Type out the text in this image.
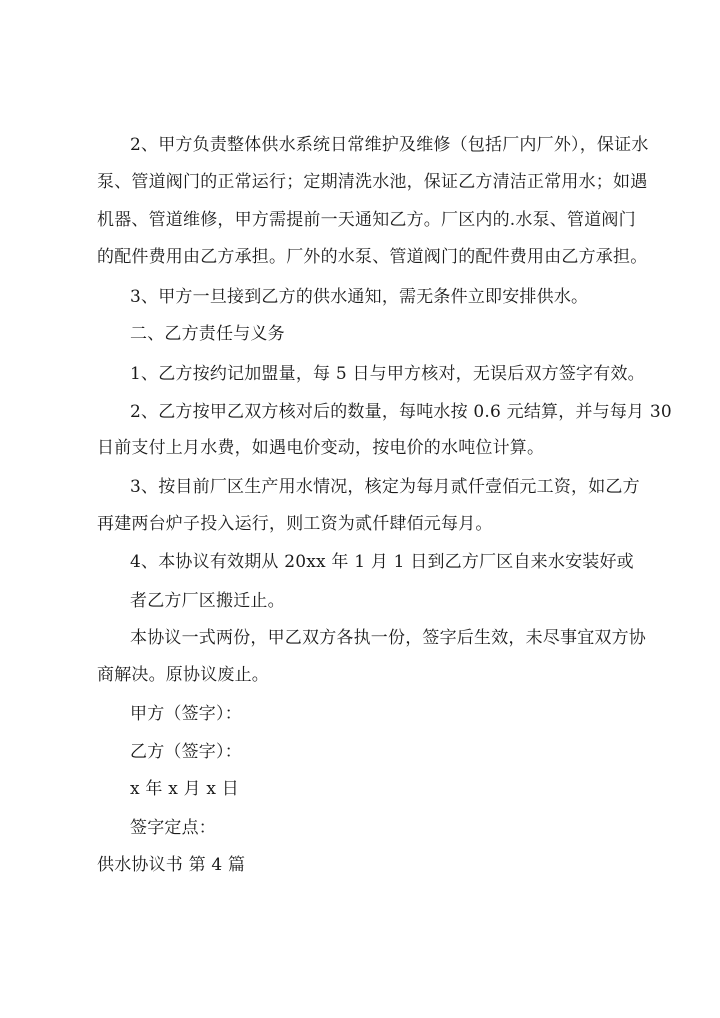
2、甲方负责整体供水系统日常维护及维修（包括厂内厂外），保证水
泵、管道阀门的正常运行；定期清洗水池，保证乙方清洁正常用水；如遇
机器、管道维修，甲方需提前一天通知乙方。厂区内的.水泵、管道阀门
的配件费用由乙方承担。厂外的水泵、管道阀门的配件费用由乙方承担。
3、甲方一旦接到乙方的供水通知，需无条件立即安排供水。
二、乙方责任与义务
1、乙方按约记加盟量，每 5 日与甲方核对，无误后双方签字有效。
2、乙方按甲乙双方核对后的数量，每吨水按 0.6 元结算，并与每月 30
日前支付上月水费，如遇电价变动，按电价的水吨位计算。
3、按目前厂区生产用水情况，核定为每月贰仟壹佰元工资，如乙方
再建两台炉子投入运行，则工资为贰仟肆佰元每月。
4、本协议有效期从 20xx 年 1 月 1 日到乙方厂区自来水安装好或
者乙方厂区搬迁止。
本协议一式两份，甲乙双方各执一份，签字后生效，未尽事宜双方协
商解决。原协议废止。
甲方（签字）：
乙方（签字）：
x 年 x 月 x 日
签字定点：
供水协议书 第 4 篇
